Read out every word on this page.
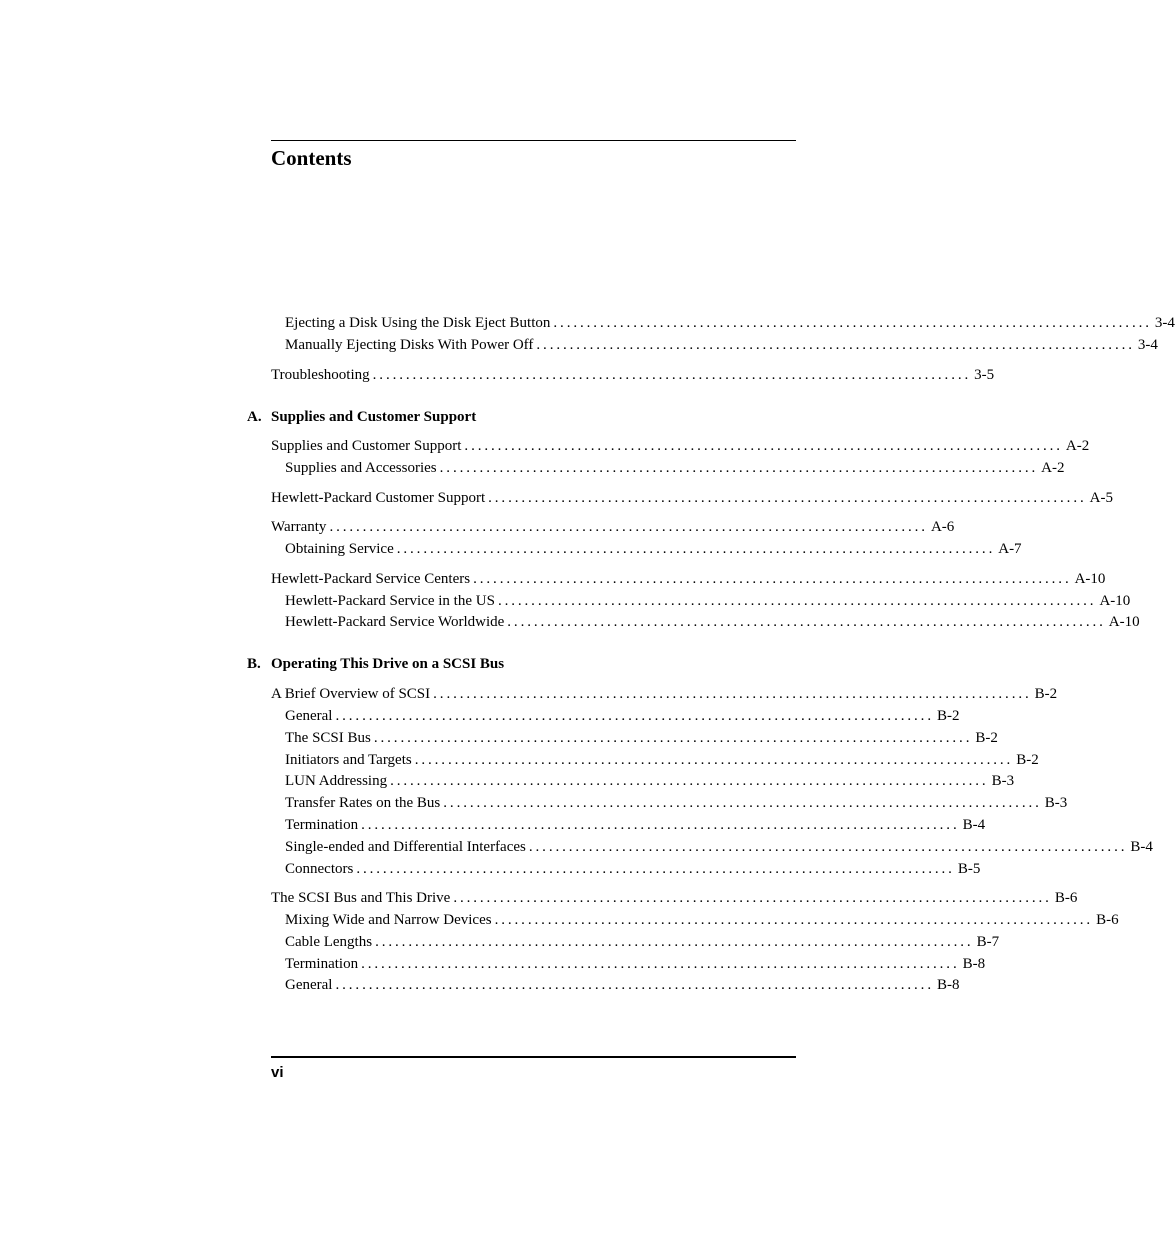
Contents
Ejecting a Disk Using the Disk Eject Button .......................................................................................... 3-4
Manually Ejecting Disks With Power Off .......................................................................................... 3-4
Troubleshooting .......................................................................................... 3-5
A. Supplies and Customer Support
Supplies and Customer Support .......................................................................................... A-2
Supplies and Accessories .......................................................................................... A-2
Hewlett-Packard Customer Support .......................................................................................... A-5
Warranty .......................................................................................... A-6
Obtaining Service .......................................................................................... A-7
Hewlett-Packard Service Centers .......................................................................................... A-10
Hewlett-Packard Service in the US .......................................................................................... A-10
Hewlett-Packard Service Worldwide .......................................................................................... A-10
B. Operating This Drive on a SCSI Bus
A Brief Overview of SCSI .......................................................................................... B-2
General .......................................................................................... B-2
The SCSI Bus .......................................................................................... B-2
Initiators and Targets .......................................................................................... B-2
LUN Addressing .......................................................................................... B-3
Transfer Rates on the Bus .......................................................................................... B-3
Termination .......................................................................................... B-4
Single-ended and Differential Interfaces .......................................................................................... B-4
Connectors .......................................................................................... B-5
The SCSI Bus and This Drive .......................................................................................... B-6
Mixing Wide and Narrow Devices .......................................................................................... B-6
Cable Lengths .......................................................................................... B-7
Termination .......................................................................................... B-8
General .......................................................................................... B-8
vi
